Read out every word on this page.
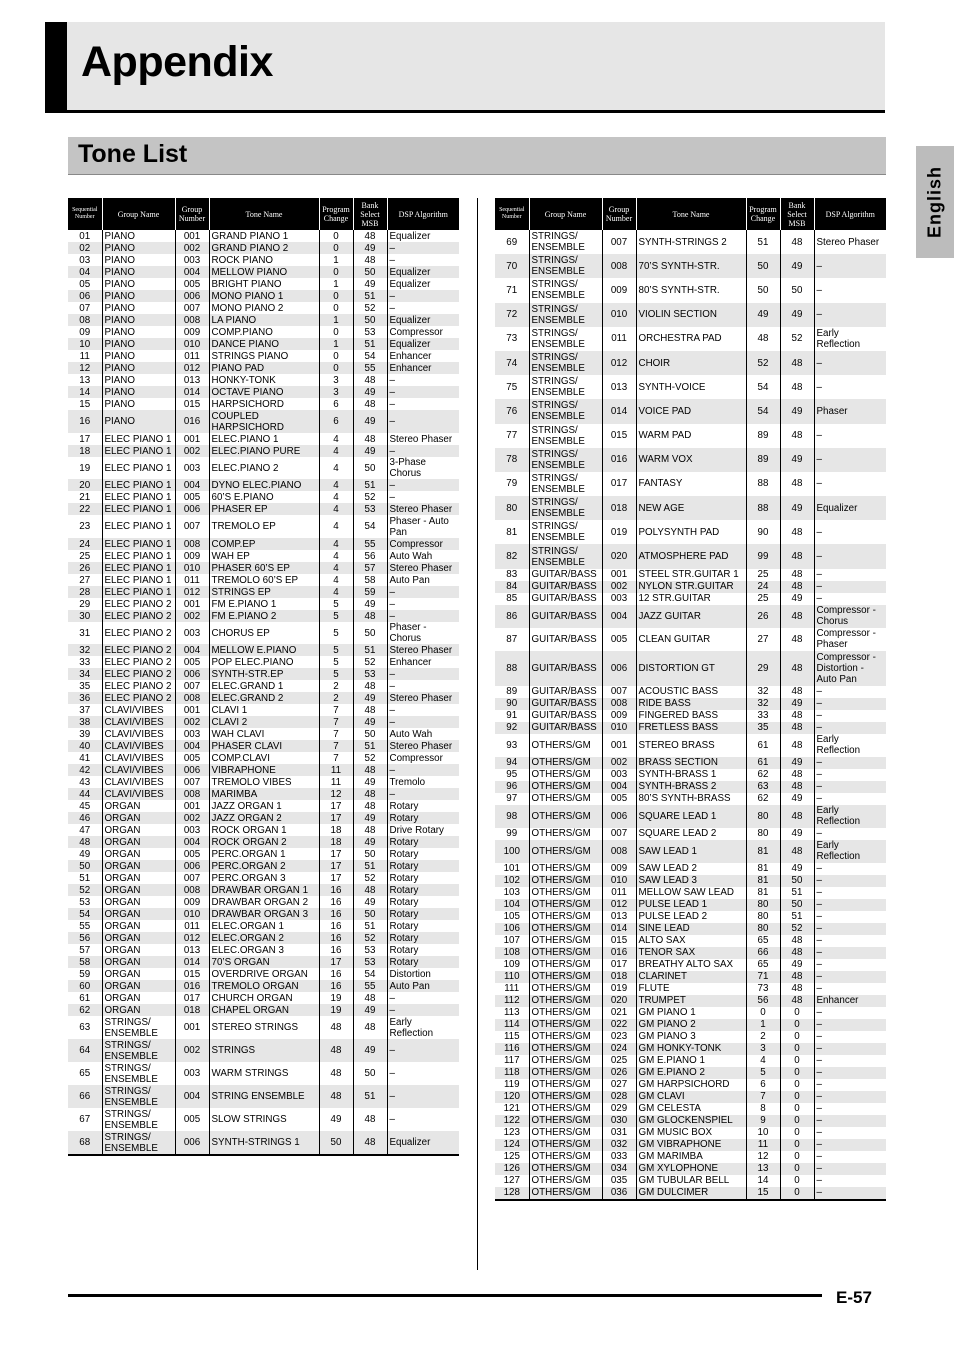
Appendix
Tone List
English
Sequential Number	Group Name	Group Number	Tone Name	Program Change	Bank Select MSB	DSP Algorithm
01	PIANO	001	GRAND PIANO 1	0	48	Equalizer
02	PIANO	002	GRAND PIANO 2	0	49	–
03	PIANO	003	ROCK PIANO	1	48	–
04	PIANO	004	MELLOW PIANO	0	50	Equalizer
05	PIANO	005	BRIGHT PIANO	1	49	Equalizer
06	PIANO	006	MONO PIANO 1	0	51	–
07	PIANO	007	MONO PIANO 2	0	52	–
08	PIANO	008	LA PIANO	1	50	Equalizer
09	PIANO	009	COMP.PIANO	0	53	Compressor
10	PIANO	010	DANCE PIANO	1	51	Equalizer
11	PIANO	011	STRINGS PIANO	0	54	Enhancer
12	PIANO	012	PIANO PAD	0	55	Enhancer
13	PIANO	013	HONKY-TONK	3	48	–
14	PIANO	014	OCTAVE PIANO	3	49	–
15	PIANO	015	HARPSICHORD	6	48	–
16	PIANO	016	COUPLED HARPSICHORD	6	49	–
17	ELEC PIANO 1	001	ELEC.PIANO 1	4	48	Stereo Phaser
18	ELEC PIANO 1	002	ELEC.PIANO PURE	4	49	–
19	ELEC PIANO 1	003	ELEC.PIANO 2	4	50	3-Phase Chorus
20	ELEC PIANO 1	004	DYNO ELEC.PIANO	4	51	–
21	ELEC PIANO 1	005	60’S E.PIANO	4	52	–
22	ELEC PIANO 1	006	PHASER EP	4	53	Stereo Phaser
23	ELEC PIANO 1	007	TREMOLO EP	4	54	Phaser - Auto Pan
24	ELEC PIANO 1	008	COMP.EP	4	55	Compressor
25	ELEC PIANO 1	009	WAH EP	4	56	Auto Wah
26	ELEC PIANO 1	010	PHASER 60’S EP	4	57	Stereo Phaser
27	ELEC PIANO 1	011	TREMOLO 60’S EP	4	58	Auto Pan
28	ELEC PIANO 1	012	STRINGS EP	4	59	–
29	ELEC PIANO 2	001	FM E.PIANO 1	5	49	–
30	ELEC PIANO 2	002	FM E.PIANO 2	5	48	–
31	ELEC PIANO 2	003	CHORUS EP	5	50	Phaser - Chorus
32	ELEC PIANO 2	004	MELLOW E.PIANO	5	51	Stereo Phaser
33	ELEC PIANO 2	005	POP ELEC.PIANO	5	52	Enhancer
34	ELEC PIANO 2	006	SYNTH-STR.EP	5	53	–
35	ELEC PIANO 2	007	ELEC.GRAND 1	2	48	–
36	ELEC PIANO 2	008	ELEC.GRAND 2	2	49	Stereo Phaser
37	CLAVI/VIBES	001	CLAVI 1	7	48	–
38	CLAVI/VIBES	002	CLAVI 2	7	49	–
39	CLAVI/VIBES	003	WAH CLAVI	7	50	Auto Wah
40	CLAVI/VIBES	004	PHASER CLAVI	7	51	Stereo Phaser
41	CLAVI/VIBES	005	COMP.CLAVI	7	52	Compressor
42	CLAVI/VIBES	006	VIBRAPHONE	11	48	–
43	CLAVI/VIBES	007	TREMOLO VIBES	11	49	Tremolo
44	CLAVI/VIBES	008	MARIMBA	12	48	–
45	ORGAN	001	JAZZ ORGAN 1	17	48	Rotary
46	ORGAN	002	JAZZ ORGAN 2	17	49	Rotary
47	ORGAN	003	ROCK ORGAN 1	18	48	Drive Rotary
48	ORGAN	004	ROCK ORGAN 2	18	49	Rotary
49	ORGAN	005	PERC.ORGAN 1	17	50	Rotary
50	ORGAN	006	PERC.ORGAN 2	17	51	Rotary
51	ORGAN	007	PERC.ORGAN 3	17	52	Rotary
52	ORGAN	008	DRAWBAR ORGAN 1	16	48	Rotary
53	ORGAN	009	DRAWBAR ORGAN 2	16	49	Rotary
54	ORGAN	010	DRAWBAR ORGAN 3	16	50	Rotary
55	ORGAN	011	ELEC.ORGAN 1	16	51	Rotary
56	ORGAN	012	ELEC.ORGAN 2	16	52	Rotary
57	ORGAN	013	ELEC.ORGAN 3	16	53	Rotary
58	ORGAN	014	70’S ORGAN	17	53	Rotary
59	ORGAN	015	OVERDRIVE ORGAN	16	54	Distortion
60	ORGAN	016	TREMOLO ORGAN	16	55	Auto Pan
61	ORGAN	017	CHURCH ORGAN	19	48	–
62	ORGAN	018	CHAPEL ORGAN	19	49	–
63	STRINGS/ ENSEMBLE	001	STEREO STRINGS	48	48	Early Reflection
64	STRINGS/ ENSEMBLE	002	STRINGS	48	49	–
65	STRINGS/ ENSEMBLE	003	WARM STRINGS	48	50	–
66	STRINGS/ ENSEMBLE	004	STRING ENSEMBLE	48	51	–
67	STRINGS/ ENSEMBLE	005	SLOW STRINGS	49	48	–
68	STRINGS/ ENSEMBLE	006	SYNTH-STRINGS 1	50	48	Equalizer
Sequential Number	Group Name	Group Number	Tone Name	Program Change	Bank Select MSB	DSP Algorithm
69	STRINGS/ ENSEMBLE	007	SYNTH-STRINGS 2	51	48	Stereo Phaser
70	STRINGS/ ENSEMBLE	008	70’S SYNTH-STR.	50	49	–
71	STRINGS/ ENSEMBLE	009	80’S SYNTH-STR.	50	50	–
72	STRINGS/ ENSEMBLE	010	VIOLIN SECTION	49	49	–
73	STRINGS/ ENSEMBLE	011	ORCHESTRA PAD	48	52	Early Reflection
74	STRINGS/ ENSEMBLE	012	CHOIR	52	48	–
75	STRINGS/ ENSEMBLE	013	SYNTH-VOICE	54	48	–
76	STRINGS/ ENSEMBLE	014	VOICE PAD	54	49	Phaser
77	STRINGS/ ENSEMBLE	015	WARM PAD	89	48	–
78	STRINGS/ ENSEMBLE	016	WARM VOX	89	49	–
79	STRINGS/ ENSEMBLE	017	FANTASY	88	48	–
80	STRINGS/ ENSEMBLE	018	NEW AGE	88	49	Equalizer
81	STRINGS/ ENSEMBLE	019	POLYSYNTH PAD	90	48	–
82	STRINGS/ ENSEMBLE	020	ATMOSPHERE PAD	99	48	–
83	GUITAR/BASS	001	STEEL STR.GUITAR 1	25	48	–
84	GUITAR/BASS	002	NYLON STR.GUITAR	24	48	–
85	GUITAR/BASS	003	12 STR.GUITAR	25	49	–
86	GUITAR/BASS	004	JAZZ GUITAR	26	48	Compressor - Chorus
87	GUITAR/BASS	005	CLEAN GUITAR	27	48	Compressor - Phaser
88	GUITAR/BASS	006	DISTORTION GT	29	48	Compressor - Distortion - Auto Pan
89	GUITAR/BASS	007	ACOUSTIC BASS	32	48	–
90	GUITAR/BASS	008	RIDE BASS	32	49	–
91	GUITAR/BASS	009	FINGERED BASS	33	48	–
92	GUITAR/BASS	010	FRETLESS BASS	35	48	–
93	OTHERS/GM	001	STEREO BRASS	61	48	Early Reflection
94	OTHERS/GM	002	BRASS SECTION	61	49	–
95	OTHERS/GM	003	SYNTH-BRASS 1	62	48	–
96	OTHERS/GM	004	SYNTH-BRASS 2	63	48	–
97	OTHERS/GM	005	80’S SYNTH-BRASS	62	49	–
98	OTHERS/GM	006	SQUARE LEAD 1	80	48	Early Reflection
99	OTHERS/GM	007	SQUARE LEAD 2	80	49	–
100	OTHERS/GM	008	SAW LEAD 1	81	48	Early Reflection
101	OTHERS/GM	009	SAW LEAD 2	81	49	–
102	OTHERS/GM	010	SAW LEAD 3	81	50	–
103	OTHERS/GM	011	MELLOW SAW LEAD	81	51	–
104	OTHERS/GM	012	PULSE LEAD 1	80	50	–
105	OTHERS/GM	013	PULSE LEAD 2	80	51	–
106	OTHERS/GM	014	SINE LEAD	80	52	–
107	OTHERS/GM	015	ALTO SAX	65	48	–
108	OTHERS/GM	016	TENOR SAX	66	48	–
109	OTHERS/GM	017	BREATHY ALTO SAX	65	49	–
110	OTHERS/GM	018	CLARINET	71	48	–
111	OTHERS/GM	019	FLUTE	73	48	–
112	OTHERS/GM	020	TRUMPET	56	48	Enhancer
113	OTHERS/GM	021	GM PIANO 1	0	0	–
114	OTHERS/GM	022	GM PIANO 2	1	0	–
115	OTHERS/GM	023	GM PIANO 3	2	0	–
116	OTHERS/GM	024	GM HONKY-TONK	3	0	–
117	OTHERS/GM	025	GM E.PIANO 1	4	0	–
118	OTHERS/GM	026	GM E.PIANO 2	5	0	–
119	OTHERS/GM	027	GM HARPSICHORD	6	0	–
120	OTHERS/GM	028	GM CLAVI	7	0	–
121	OTHERS/GM	029	GM CELESTA	8	0	–
122	OTHERS/GM	030	GM GLOCKENSPIEL	9	0	–
123	OTHERS/GM	031	GM MUSIC BOX	10	0	–
124	OTHERS/GM	032	GM VIBRAPHONE	11	0	–
125	OTHERS/GM	033	GM MARIMBA	12	0	–
126	OTHERS/GM	034	GM XYLOPHONE	13	0	–
127	OTHERS/GM	035	GM TUBULAR BELL	14	0	–
128	OTHERS/GM	036	GM DULCIMER	15	0	–
E-57
